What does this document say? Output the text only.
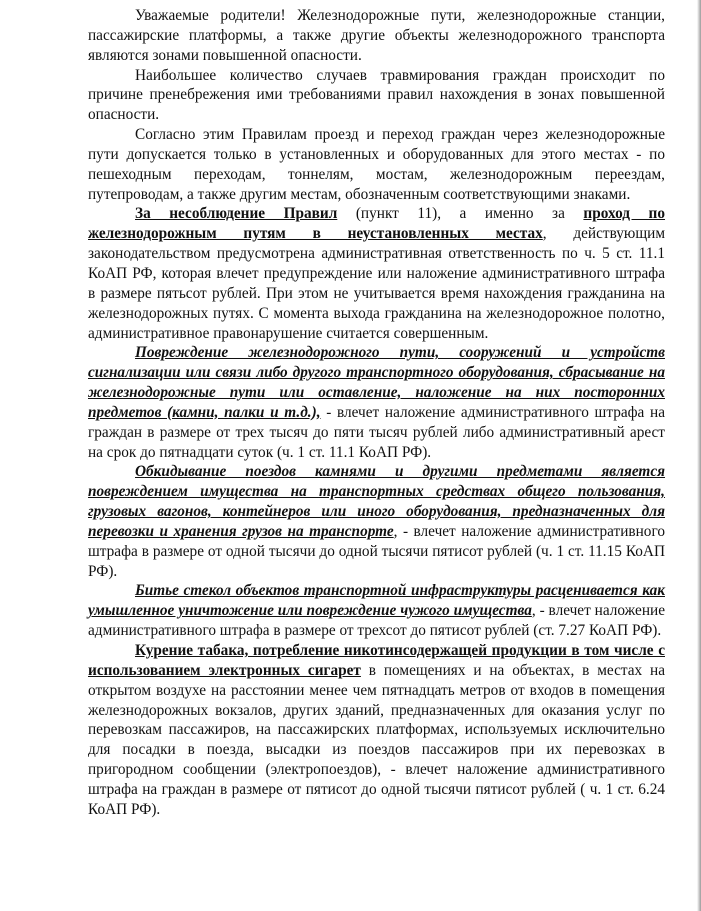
Уважаемые родители! Железнодорожные пути, железнодорожные станции, пассажирские платформы, а также другие объекты железнодорожного транспорта являются зонами повышенной опасности.

Наибольшее количество случаев травмирования граждан происходит по причине пренебрежения ими требованиями правил нахождения в зонах повышенной опасности.

Согласно этим Правилам проезд и переход граждан через железнодорожные пути допускается только в установленных и оборудованных для этого местах - по пешеходным переходам, тоннелям, мостам, железнодорожным переездам, путепроводам, а также другим местам, обозначенным соответствующими знаками.

За несоблюдение Правил (пункт 11), а именно за проход по железнодорожным путям в неустановленных местах, действующим законодательством предусмотрена административная ответственность по ч. 5 ст. 11.1 КоАП РФ, которая влечет предупреждение или наложение административного штрафа в размере пятьсот рублей. При этом не учитывается время нахождения гражданина на железнодорожных путях. С момента выхода гражданина на железнодорожное полотно, административное правонарушение считается совершенным.

Повреждение железнодорожного пути, сооружений и устройств сигнализации или связи либо другого транспортного оборудования, сбрасывание на железнодорожные пути или оставление, наложение на них посторонних предметов (камни, палки и т.д.), - влечет наложение административного штрафа на граждан в размере от трех тысяч до пяти тысяч рублей либо административный арест на срок до пятнадцати суток (ч. 1 ст. 11.1 КоАП РФ).

Обкидывание поездов камнями и другими предметами является повреждением имущества на транспортных средствах общего пользования, грузовых вагонов, контейнеров или иного оборудования, предназначенных для перевозки и хранения грузов на транспорте, - влечет наложение административного штрафа в размере от одной тысячи до одной тысячи пятисот рублей (ч. 1 ст. 11.15 КоАП РФ).

Битье стекол объектов транспортной инфраструктуры расценивается как умышленное уничтожение или повреждение чужого имущества, - влечет наложение административного штрафа в размере от трехсот до пятисот рублей (ст. 7.27 КоАП РФ).

Курение табака, потребление никотинсодержащей продукции в том числе с использованием электронных сигарет в помещениях и на объектах, в местах на открытом воздухе на расстоянии менее чем пятнадцать метров от входов в помещения железнодорожных вокзалов, других зданий, предназначенных для оказания услуг по перевозкам пассажиров, на пассажирских платформах, используемых исключительно для посадки в поезда, высадки из поездов пассажиров при их перевозках в пригородном сообщении (электропоездов), - влечет наложение административного штрафа на граждан в размере от пятисот до одной тысячи пятисот рублей ( ч. 1 ст. 6.24 КоАП РФ).
